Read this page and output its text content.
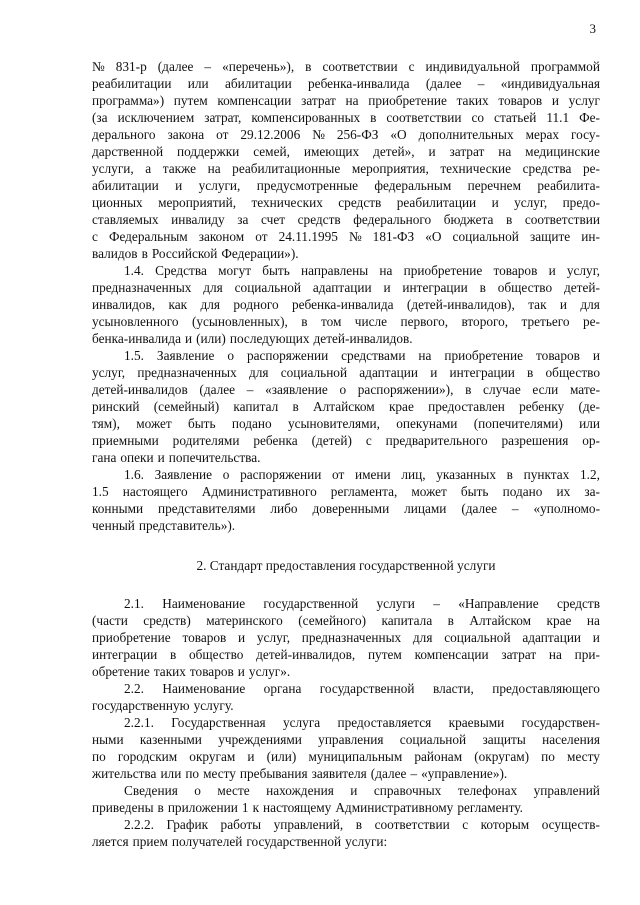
3
№ 831-р (далее – «перечень»), в соответствии с индивидуальной программой
реабилитации или абилитации ребенка-инвалида (далее – «индивидуальная
программа») путем компенсации затрат на приобретение таких товаров и услуг
(за исключением затрат, компенсированных в соответствии со статьей 11.1 Фе-
дерального закона от 29.12.2006 № 256-ФЗ «О дополнительных мерах госу-
дарственной поддержки семей, имеющих детей», и затрат на медицинские
услуги, а также на реабилитационные мероприятия, технические средства ре-
абилитации и услуги, предусмотренные федеральным перечнем реабилита-
ционных мероприятий, технических средств реабилитации и услуг, предо-
ставляемых инвалиду за счет средств федерального бюджета в соответствии
с Федеральным законом от 24.11.1995 № 181-ФЗ «О социальной защите ин-
валидов в Российской Федерации»).
1.4. Средства могут быть направлены на приобретение товаров и услуг,
предназначенных для социальной адаптации и интеграции в общество детей-
инвалидов, как для родного ребенка-инвалида (детей-инвалидов), так и для
усыновленного (усыновленных), в том числе первого, второго, третьего ре-
бенка-инвалида и (или) последующих детей-инвалидов.
1.5. Заявление о распоряжении средствами на приобретение товаров и
услуг, предназначенных для социальной адаптации и интеграции в общество
детей-инвалидов (далее – «заявление о распоряжении»), в случае если мате-
ринский (семейный) капитал в Алтайском крае предоставлен ребенку (де-
тям), может быть подано усыновителями, опекунами (попечителями) или
приемными родителями ребенка (детей) с предварительного разрешения ор-
гана опеки и попечительства.
1.6. Заявление о распоряжении от имени лиц, указанных в пунктах 1.2,
1.5 настоящего Административного регламента, может быть подано их за-
конными представителями либо доверенными лицами (далее – «уполномо-
ченный представитель»).
2. Стандарт предоставления государственной услуги
2.1. Наименование государственной услуги – «Направление средств
(части средств) материнского (семейного) капитала в Алтайском крае на
приобретение товаров и услуг, предназначенных для социальной адаптации и
интеграции в общество детей-инвалидов, путем компенсации затрат на при-
обретение таких товаров и услуг».
2.2. Наименование органа государственной власти, предоставляющего
государственную услугу.
2.2.1. Государственная услуга предоставляется краевыми государствен-
ными казенными учреждениями управления социальной защиты населения
по городским округам и (или) муниципальным районам (округам) по месту
жительства или по месту пребывания заявителя (далее – «управление»).
Сведения о месте нахождения и справочных телефонах управлений
приведены в приложении 1 к настоящему Административному регламенту.
2.2.2. График работы управлений, в соответствии с которым осуществ-
ляется прием получателей государственной услуги:
